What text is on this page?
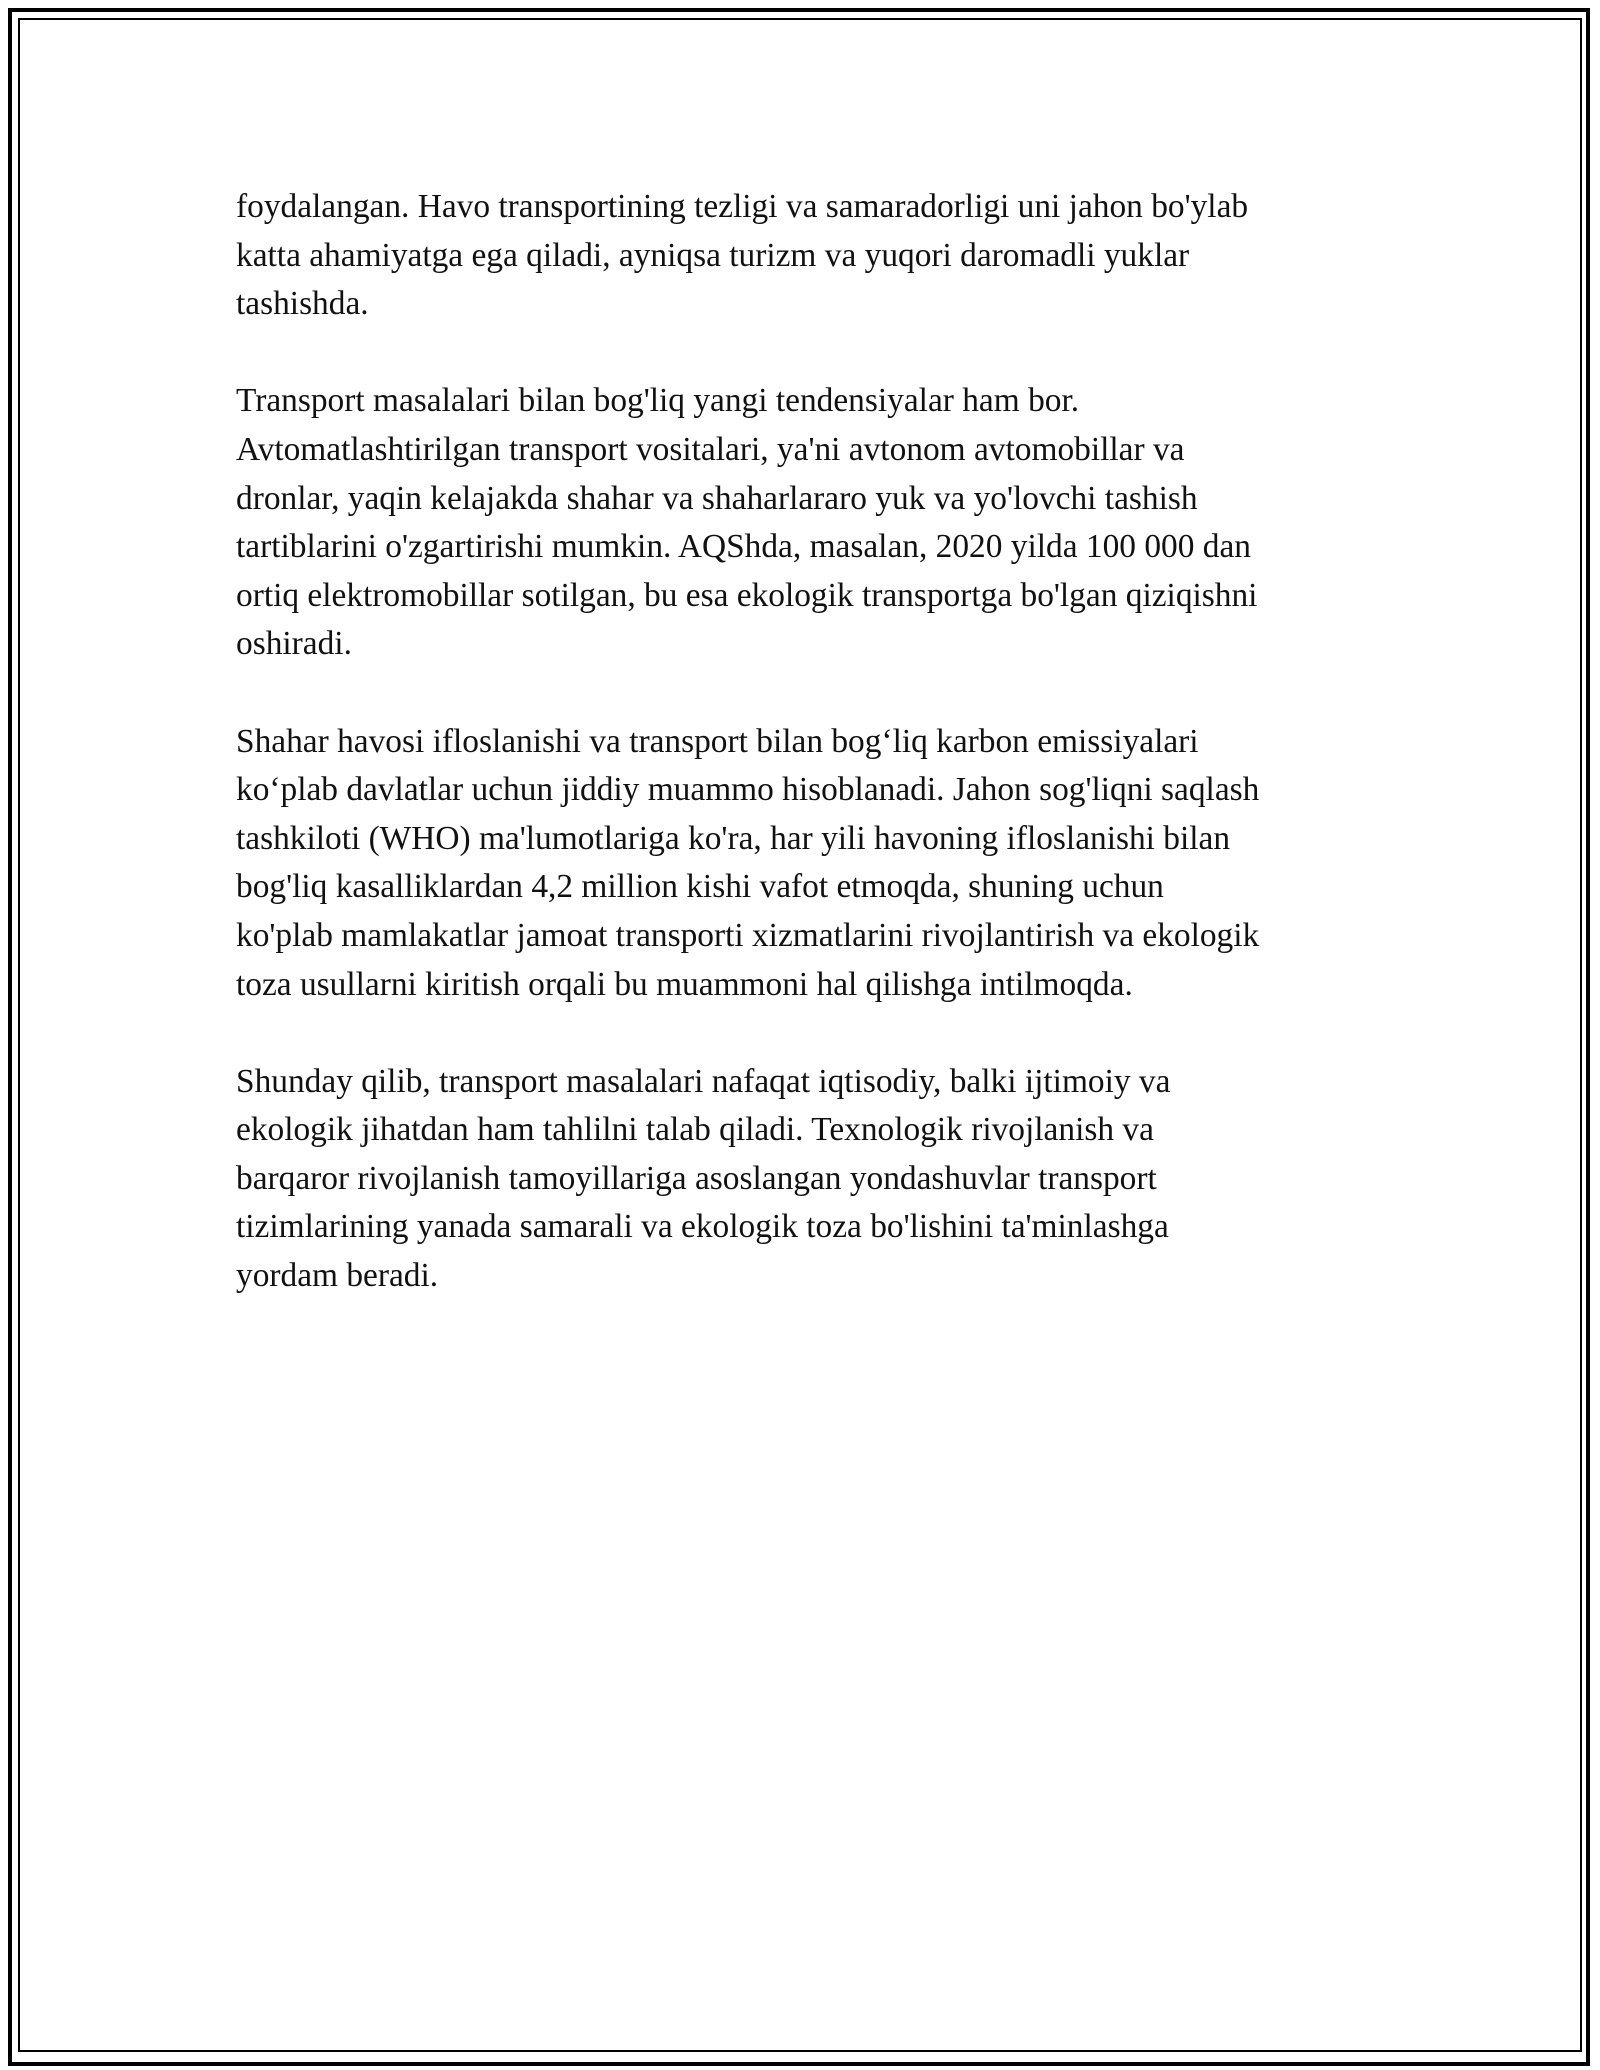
foydalangan. Havo transportining tezligi va samaradorligi uni jahon bo'ylab
katta ahamiyatga ega qiladi, ayniqsa turizm va yuqori daromadli yuklar
tashishda.

Transport masalalari bilan bog'liq yangi tendensiyalar ham bor.
Avtomatlashtirilgan transport vositalari, ya'ni avtonom avtomobillar va
dronlar, yaqin kelajakda shahar va shaharlararo yuk va yo'lovchi tashish
tartiblarini o'zgartirishi mumkin. AQShda, masalan, 2020 yilda 100 000 dan
ortiq elektromobillar sotilgan, bu esa ekologik transportga bo'lgan qiziqishni
oshiradi.

Shahar havosi ifloslanishi va transport bilan bog‘liq karbon emissiyalari
ko‘plab davlatlar uchun jiddiy muammo hisoblanadi. Jahon sog'liqni saqlash
tashkiloti (WHO) ma'lumotlariga ko'ra, har yili havoning ifloslanishi bilan
bog'liq kasalliklardan 4,2 million kishi vafot etmoqda, shuning uchun
ko'plab mamlakatlar jamoat transporti xizmatlarini rivojlantirish va ekologik
toza usullarni kiritish orqali bu muammoni hal qilishga intilmoqda.

Shunday qilib, transport masalalari nafaqat iqtisodiy, balki ijtimoiy va
ekologik jihatdan ham tahlilni talab qiladi. Texnologik rivojlanish va
barqaror rivojlanish tamoyillariga asoslangan yondashuvlar transport
tizimlarining yanada samarali va ekologik toza bo'lishini ta'minlashga
yordam beradi.
